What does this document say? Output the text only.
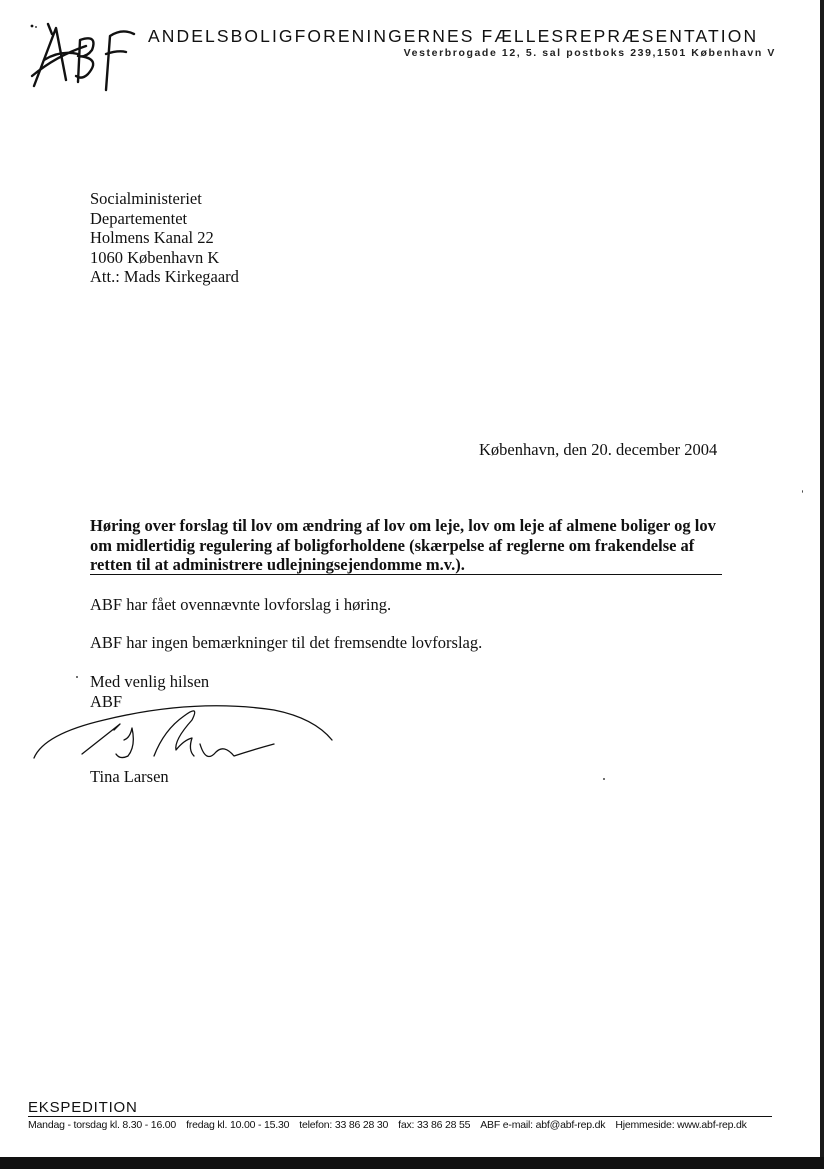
ANDELSBOLIGFORENINGERNES FÆLLESREPRÆSENTATION
Vesterbrogade 12, 5. sal postboks 239,1501 København V
Socialministeriet
Departementet
Holmens Kanal 22
1060 København K
Att.: Mads Kirkegaard
København, den 20. december 2004
Høring over forslag til lov om ændring af lov om leje, lov om leje af almene boliger og lov om midlertidig regulering af boligforholdene (skærpelse af reglerne om frakendelse af retten til at administrere udlejningsejendomme m.v.).
ABF har fået ovennævnte lovforslag i høring.
ABF har ingen bemærkninger til det fremsendte lovforslag.
Med venlig hilsen
ABF
Tina Larsen
EKSPEDITION
Mandag - torsdag kl. 8.30 - 16.00 fredag kl. 10.00 - 15.30 telefon: 33 86 28 30 fax: 33 86 28 55 ABF e-mail: abf@abf-rep.dk Hjemmeside: www.abf-rep.dk
